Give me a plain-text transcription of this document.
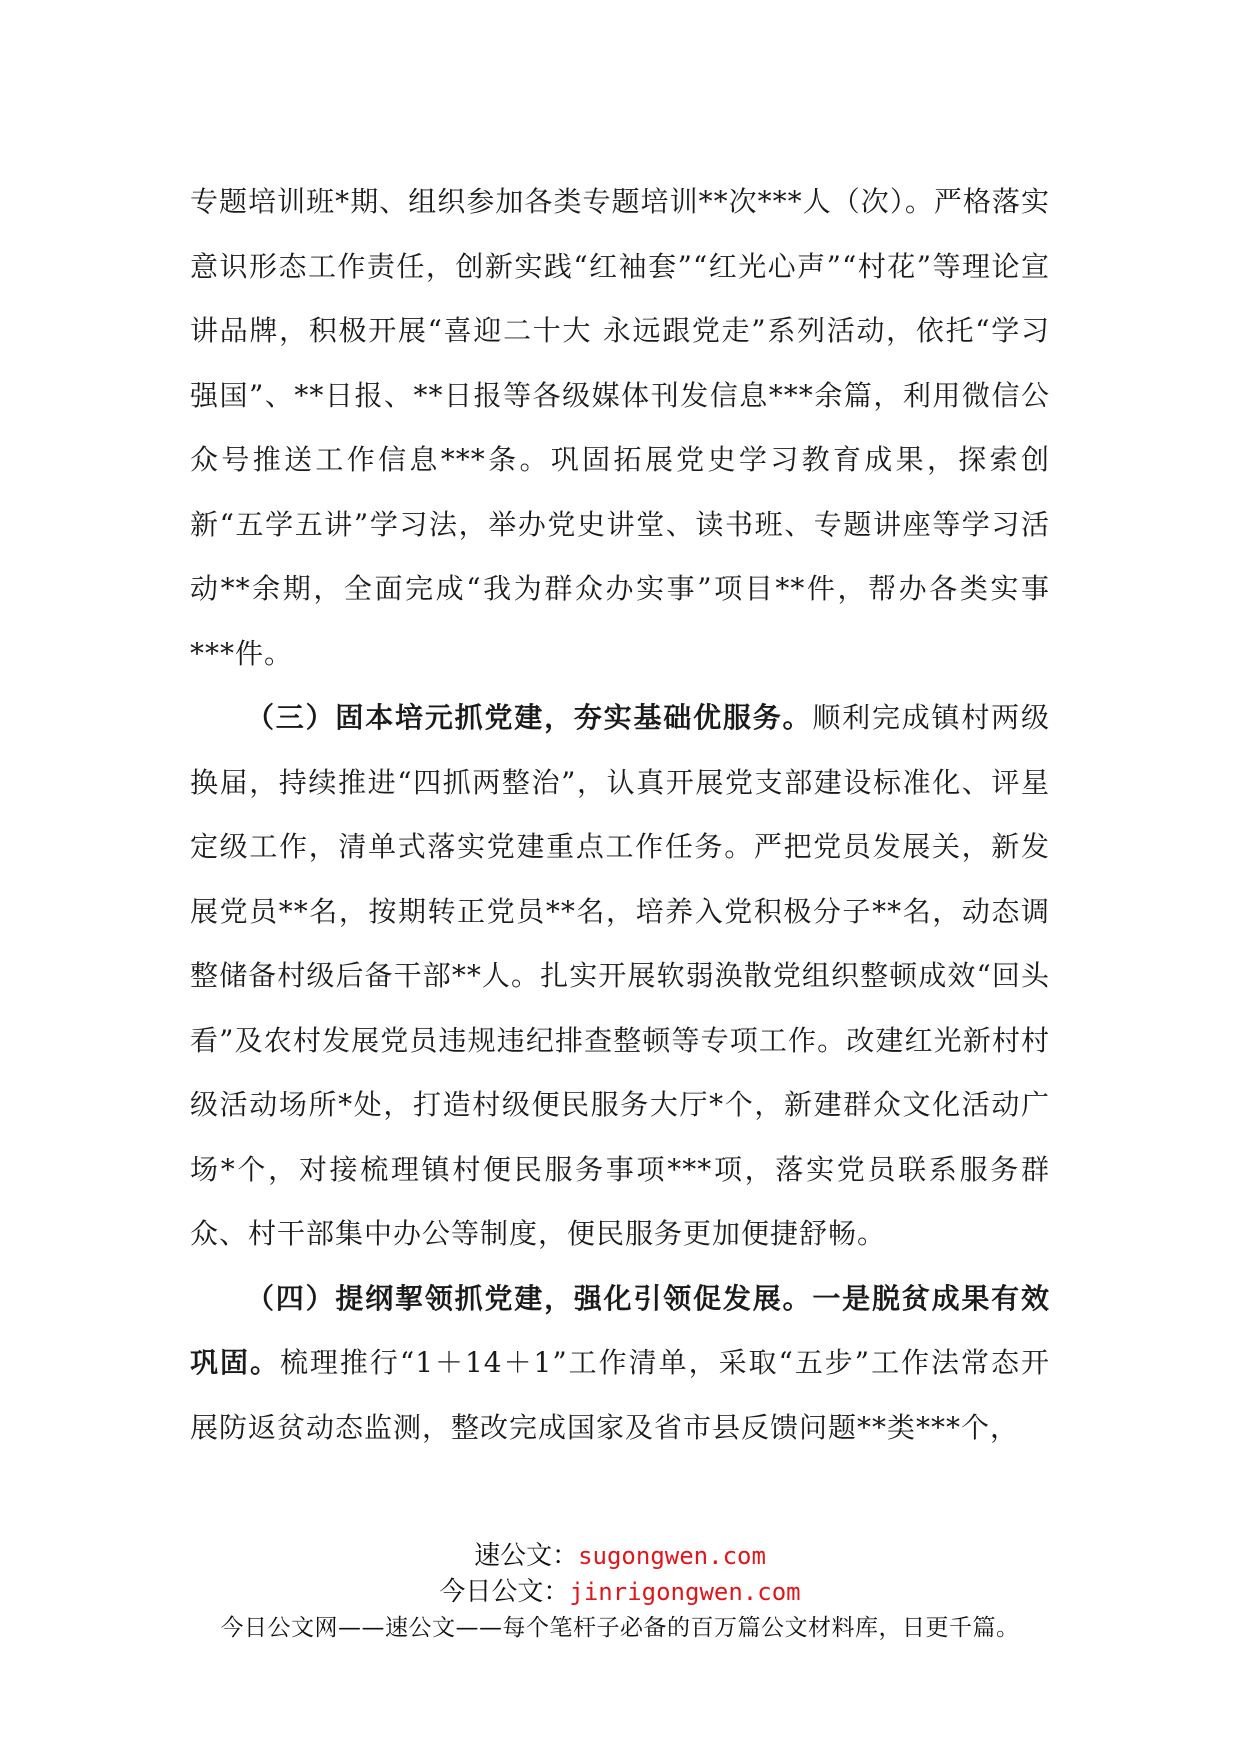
专题培训班*期、组织参加各类专题培训**次***人（次）。严格落实意识形态工作责任，创新实践“红袖套”“红光心声”“村花”等理论宣讲品牌，积极开展“喜迎二十大 永远跟党走”系列活动，依托“学习强国”、**日报、**日报等各级媒体刊发信息***余篇，利用微信公众号推送工作信息***条。巩固拓展党史学习教育成果，探索创新“五学五讲”学习法，举办党史讲堂、读书班、专题讲座等学习活动**余期，全面完成“我为群众办实事”项目**件，帮办各类实事***件。

（三）固本培元抓党建，夯实基础优服务。顺利完成镇村两级换届，持续推进“四抓两整治”，认真开展党支部建设标准化、评星定级工作，清单式落实党建重点工作任务。严把党员发展关，新发展党员**名，按期转正党员**名，培养入党积极分子**名，动态调整储备村级后备干部**人。扎实开展软弱涣散党组织整顿成效“回头看”及农村发展党员违规违纪排查整顿等专项工作。改建红光新村村级活动场所*处，打造村级便民服务大厅*个，新建群众文化活动广场*个，对接梳理镇村便民服务事项***项，落实党员联系服务群众、村干部集中办公等制度，便民服务更加便捷舒畅。

（四）提纲挈领抓党建，强化引领促发展。一是脱贫成果有效巩固。梳理推行“1＋14＋1”工作清单，采取“五步”工作法常态开展防返贫动态监测，整改完成国家及省市县反馈问题**类***个，

速公文：sugongwen.com
今日公文：jinrigongwen.com
今日公文网——速公文——每个笔杆子必备的百万篇公文材料库，日更千篇。
